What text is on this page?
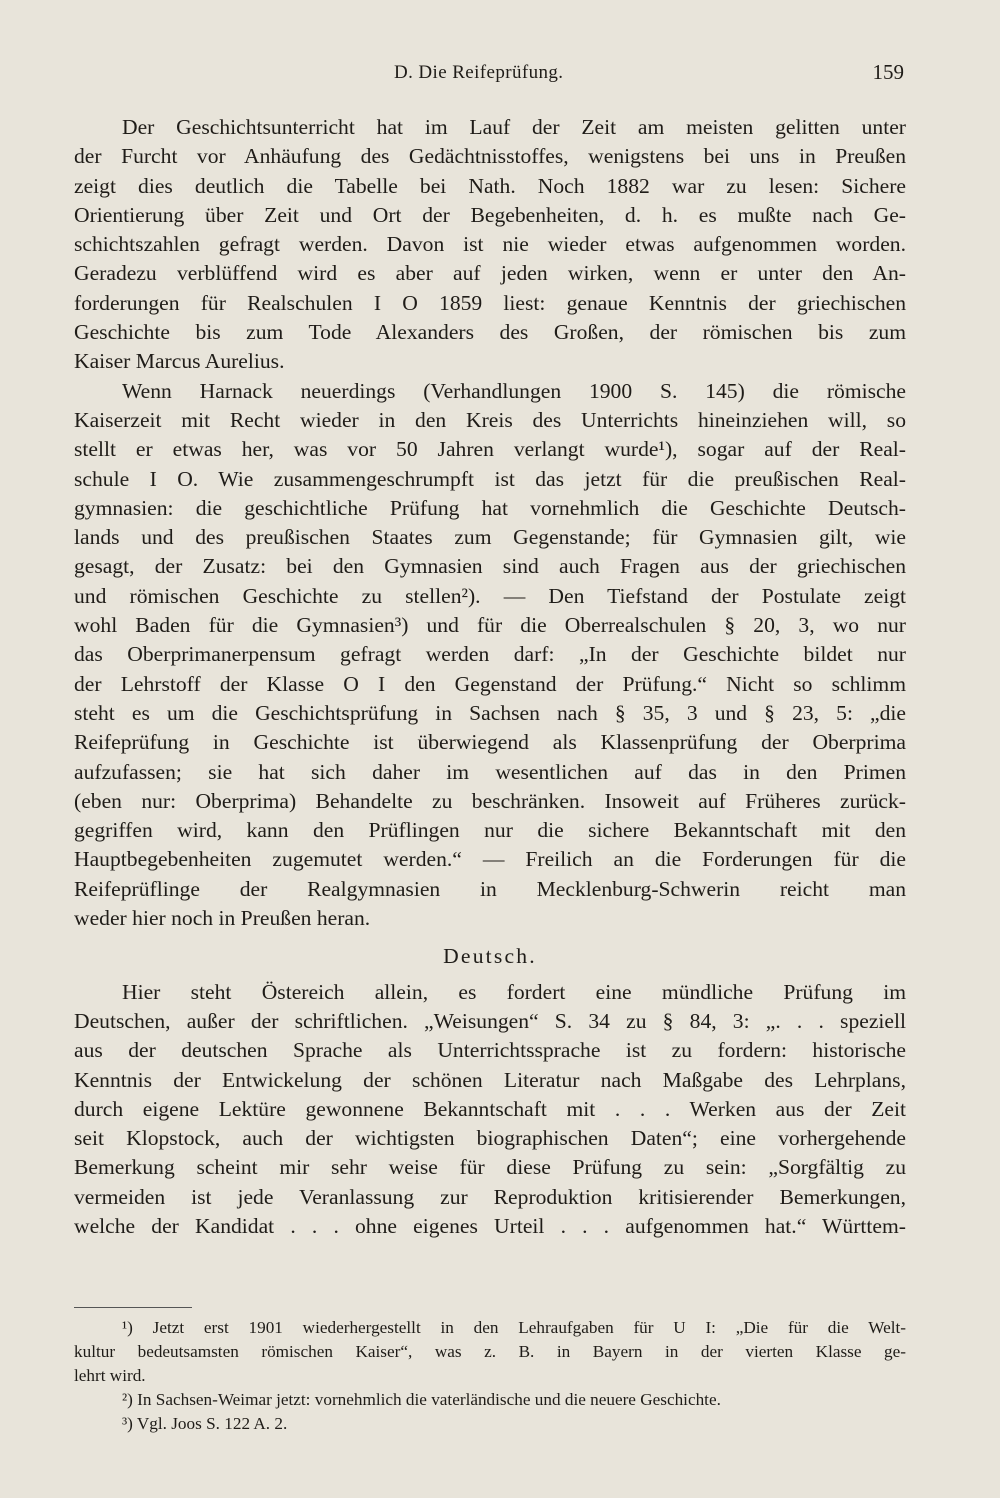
D. Die Reifeprüfung.	159
Der Geschichtsunterricht hat im Lauf der Zeit am meisten gelitten unter
der Furcht vor Anhäufung des Gedächtnisstoffes, wenigstens bei uns in Preußen
zeigt dies deutlich die Tabelle bei Nath. Noch 1882 war zu lesen: Sichere
Orientierung über Zeit und Ort der Begebenheiten, d. h. es mußte nach Ge-
schichtszahlen gefragt werden. Davon ist nie wieder etwas aufgenommen worden.
Geradezu verblüffend wird es aber auf jeden wirken, wenn er unter den An-
forderungen für Realschulen I O 1859 liest: genaue Kenntnis der griechischen
Geschichte bis zum Tode Alexanders des Großen, der römischen bis zum
Kaiser Marcus Aurelius.
Wenn Harnack neuerdings (Verhandlungen 1900 S. 145) die römische
Kaiserzeit mit Recht wieder in den Kreis des Unterrichts hineinziehen will, so
stellt er etwas her, was vor 50 Jahren verlangt wurde¹), sogar auf der Real-
schule I O. Wie zusammengeschrumpft ist das jetzt für die preußischen Real-
gymnasien: die geschichtliche Prüfung hat vornehmlich die Geschichte Deutsch-
lands und des preußischen Staates zum Gegenstande; für Gymnasien gilt, wie
gesagt, der Zusatz: bei den Gymnasien sind auch Fragen aus der griechischen
und römischen Geschichte zu stellen²). — Den Tiefstand der Postulate zeigt
wohl Baden für die Gymnasien³) und für die Oberrealschulen § 20, 3, wo nur
das Oberprimanerpensum gefragt werden darf: „In der Geschichte bildet nur
der Lehrstoff der Klasse O I den Gegenstand der Prüfung.“ Nicht so schlimm
steht es um die Geschichtsprüfung in Sachsen nach § 35, 3 und § 23, 5: „die
Reifeprüfung in Geschichte ist überwiegend als Klassenprüfung der Oberprima
aufzufassen; sie hat sich daher im wesentlichen auf das in den Primen
(eben nur: Oberprima) Behandelte zu beschränken. Insoweit auf Früheres zurück-
gegriffen wird, kann den Prüflingen nur die sichere Bekanntschaft mit den
Hauptbegebenheiten zugemutet werden.“ — Freilich an die Forderungen für die
Reifeprüflinge der Realgymnasien in Mecklenburg-Schwerin reicht man
weder hier noch in Preußen heran.
Deutsch.
Hier steht Östereich allein, es fordert eine mündliche Prüfung im
Deutschen, außer der schriftlichen. „Weisungen“ S. 34 zu § 84, 3: „. . . speziell
aus der deutschen Sprache als Unterrichtssprache ist zu fordern: historische
Kenntnis der Entwickelung der schönen Literatur nach Maßgabe des Lehrplans,
durch eigene Lektüre gewonnene Bekanntschaft mit . . . Werken aus der Zeit
seit Klopstock, auch der wichtigsten biographischen Daten“; eine vorhergehende
Bemerkung scheint mir sehr weise für diese Prüfung zu sein: „Sorgfältig zu
vermeiden ist jede Veranlassung zur Reproduktion kritisierender Bemerkungen,
welche der Kandidat . . . ohne eigenes Urteil . . . aufgenommen hat.“ Württem-
¹) Jetzt erst 1901 wiederhergestellt in den Lehraufgaben für U I: „Die für die Welt-
kultur bedeutsamsten römischen Kaiser“, was z. B. in Bayern in der vierten Klasse ge-
lehrt wird.
²) In Sachsen-Weimar jetzt: vornehmlich die vaterländische und die neuere Geschichte.
³) Vgl. Joos S. 122 A. 2.
